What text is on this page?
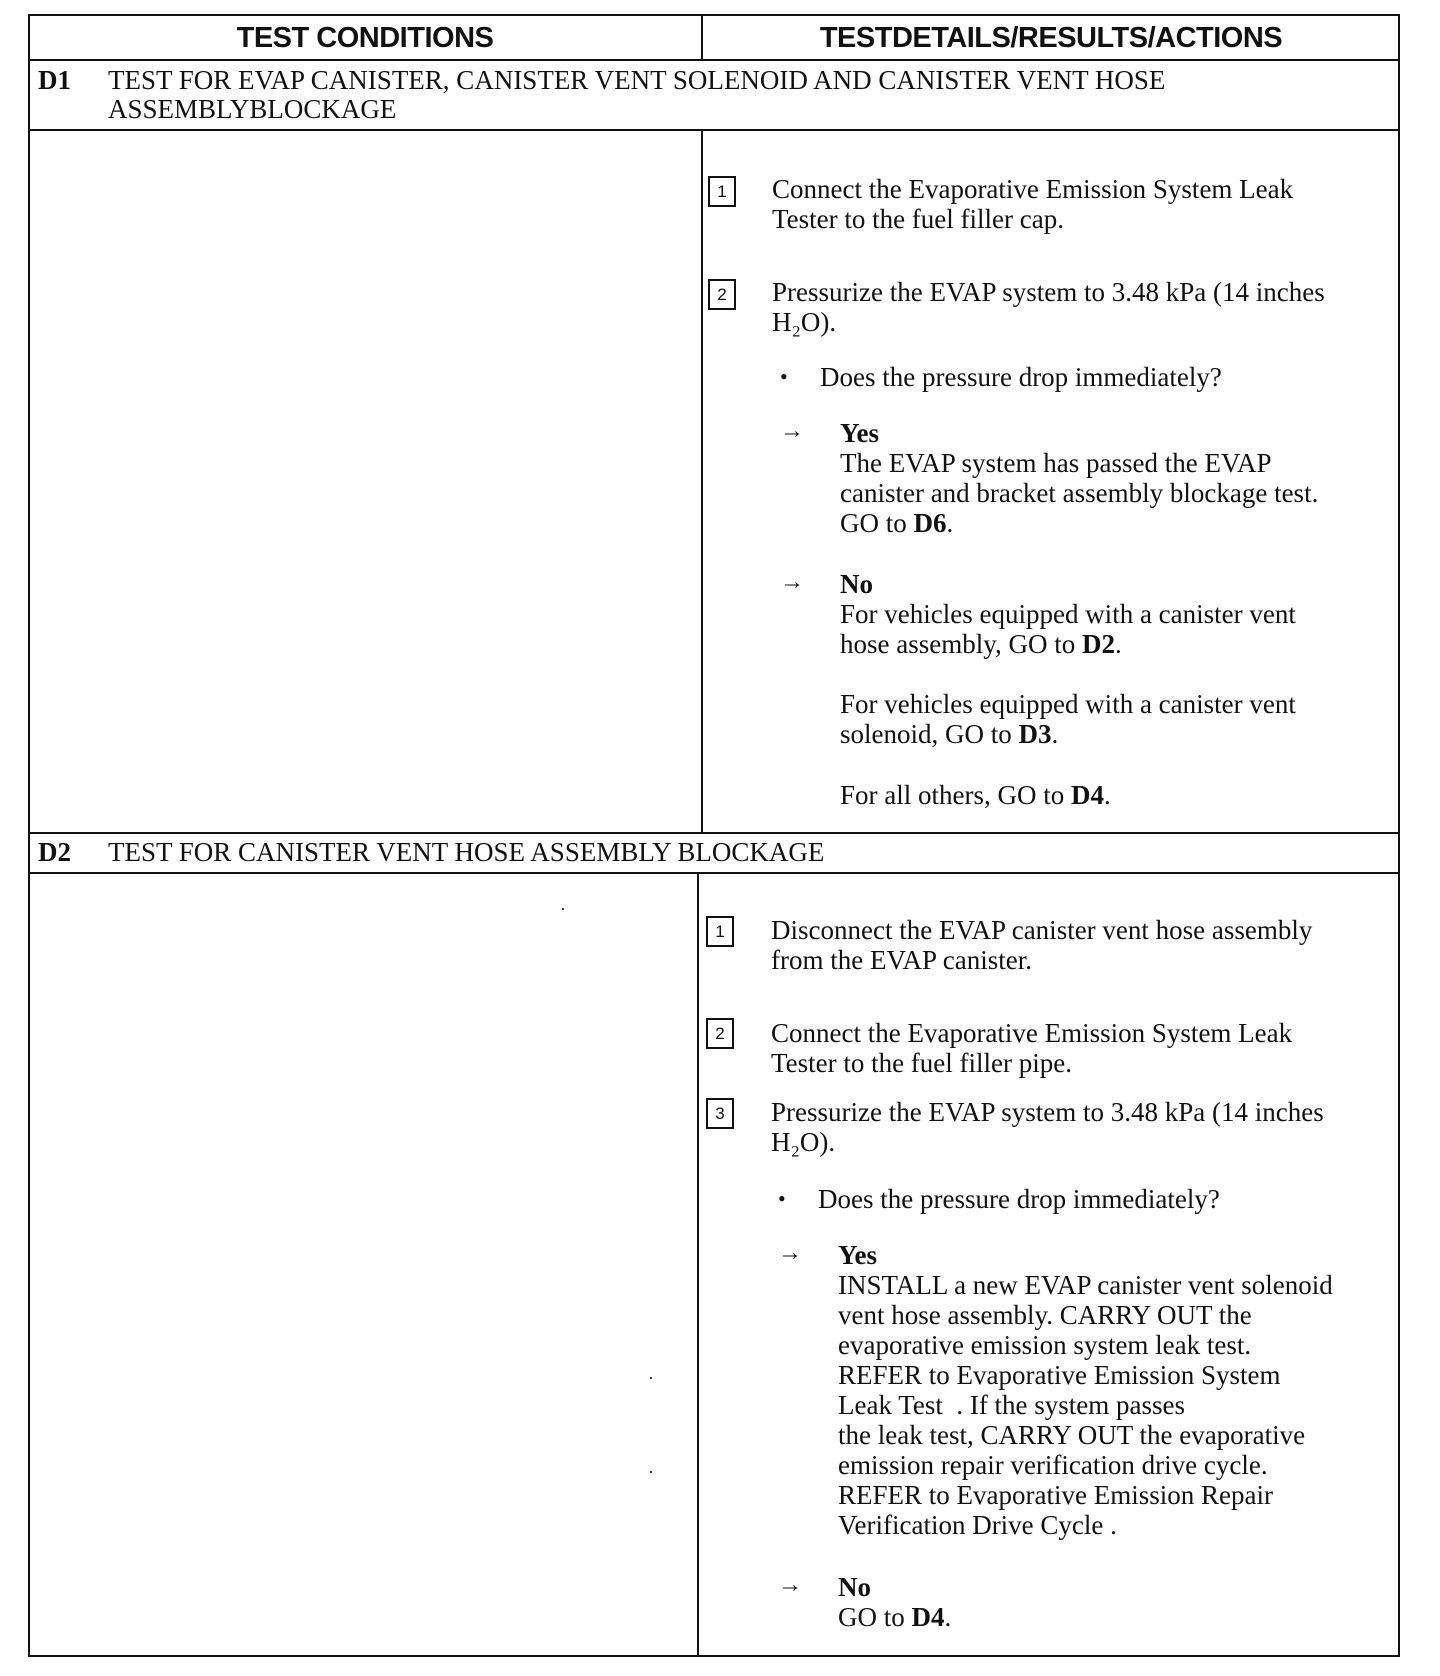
TEST CONDITIONS	TESTDETAILS/RESULTS/ACTIONS
D1 TEST FOR EVAP CANISTER, CANISTER VENT SOLENOID AND CANISTER VENT HOSE
ASSEMBLYBLOCKAGE
1	Connect the Evaporative Emission System Leak
Tester to the fuel filler cap.
2	Pressurize the EVAP system to 3.48 kPa (14 inches
H₂O).
• Does the pressure drop immediately?
→ Yes
The EVAP system has passed the EVAP
canister and bracket assembly blockage test.
GO to D6.
→ No
For vehicles equipped with a canister vent
hose assembly, GO to D2.
For vehicles equipped with a canister vent
solenoid, GO to D3.
For all others, GO to D4.
D2 TEST FOR CANISTER VENT HOSE ASSEMBLY BLOCKAGE
1	Disconnect the EVAP canister vent hose assembly
from the EVAP canister.
2	Connect the Evaporative Emission System Leak
Tester to the fuel filler pipe.
3	Pressurize the EVAP system to 3.48 kPa (14 inches
H₂O).
• Does the pressure drop immediately?
→ Yes
INSTALL a new EVAP canister vent solenoid
vent hose assembly. CARRY OUT the
evaporative emission system leak test.
REFER to Evaporative Emission System
Leak Test  . If the system passes
the leak test, CARRY OUT the evaporative
emission repair verification drive cycle.
REFER to Evaporative Emission Repair
Verification Drive Cycle .
→ No
GO to D4.
